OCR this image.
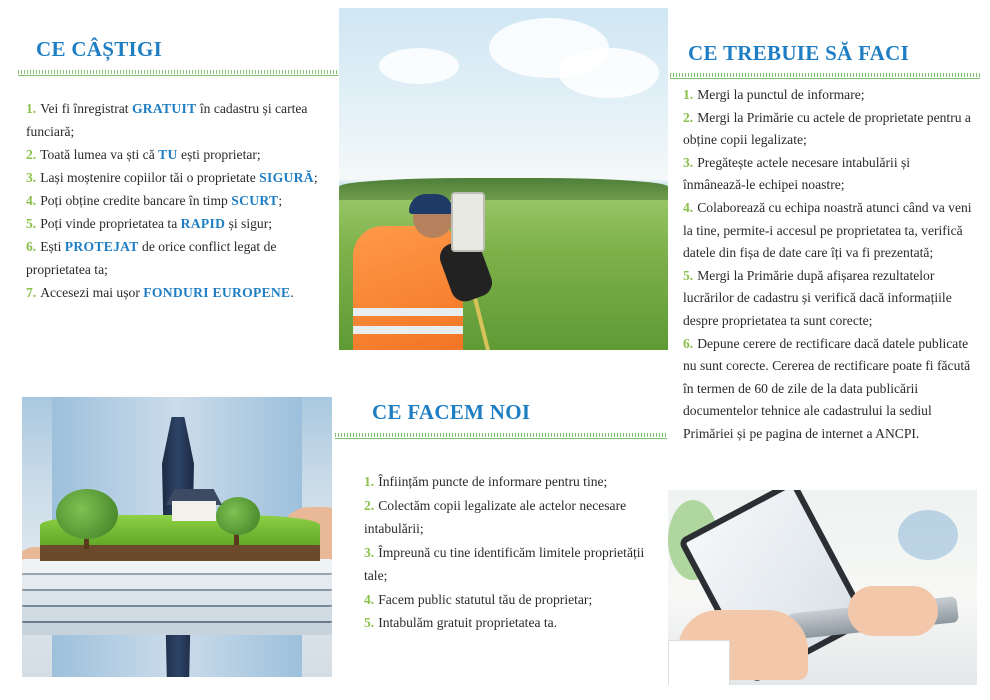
CE CÂȘTIGI
1. Vei fi înregistrat GRATUIT în cadastru și cartea funciară;
2. Toată lumea va ști că TU ești proprietar;
3. Lași moștenire copiilor tăi o proprietate SIGURĂ;
4. Poți obține credite bancare în timp SCURT;
5. Poți vinde proprietatea ta RAPID și sigur;
6. Ești PROTEJAT de orice conflict legat de proprietatea ta;
7. Accesezi mai ușor FONDURI EUROPENE.
CE TREBUIE SĂ FACI
1. Mergi la punctul de informare;
2. Mergi la Primărie cu actele de proprietate pentru a obține copii legalizate;
3. Pregătește actele necesare intabulării și înmânează-le echipei noastre;
4. Colaborează cu echipa noastră atunci când va veni la tine, permite-i accesul pe proprietatea ta, verifică datele din fișa de date care îți va fi prezentată;
5. Mergi la Primărie după afișarea rezultatelor lucrărilor de cadastru și verifică dacă informațiile despre proprietatea ta sunt corecte;
6. Depune cerere de rectificare dacă datele publicate nu sunt corecte. Cererea de rectificare poate fi făcută în termen de 60 de zile de la data publicării documentelor tehnice ale cadastrului la sediul Primăriei și pe pagina de internet a ANCPI.
CE FACEM NOI
1. Înființăm puncte de informare pentru tine;
2. Colectăm copii legalizate ale actelor necesare intabulării;
3. Împreună cu tine identificăm limitele proprietății tale;
4. Facem public statutul tău de proprietar;
5. Intabulăm gratuit proprietatea ta.
